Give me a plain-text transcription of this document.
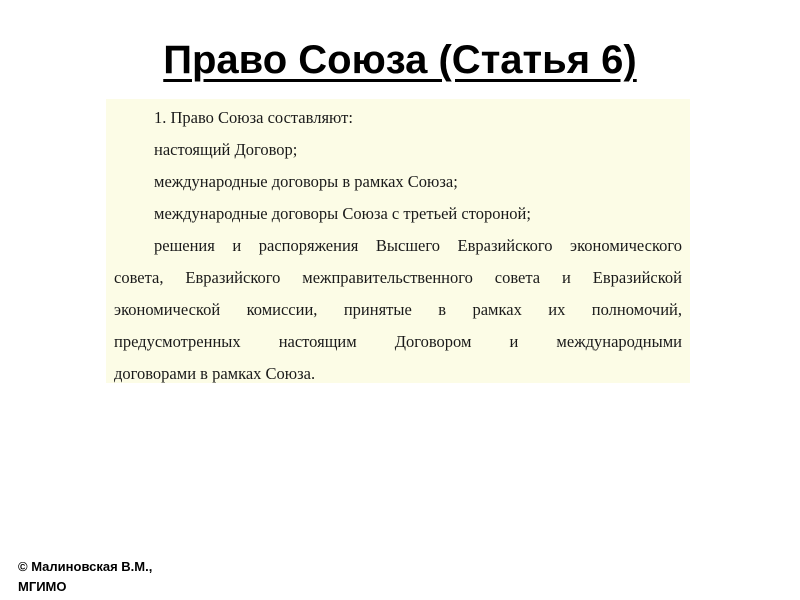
Право Союза (Статья 6)
1. Право Союза составляют:
настоящий Договор;
международные договоры в рамках Союза;
международные договоры Союза с третьей стороной;
решения и распоряжения Высшего Евразийского экономического
совета, Евразийского межправительственного совета и Евразийской
экономической комиссии, принятые в рамках их полномочий,
предусмотренных настоящим Договором и международными
договорами в рамках Союза.
© Малиновская В.М.,
МГИМО
